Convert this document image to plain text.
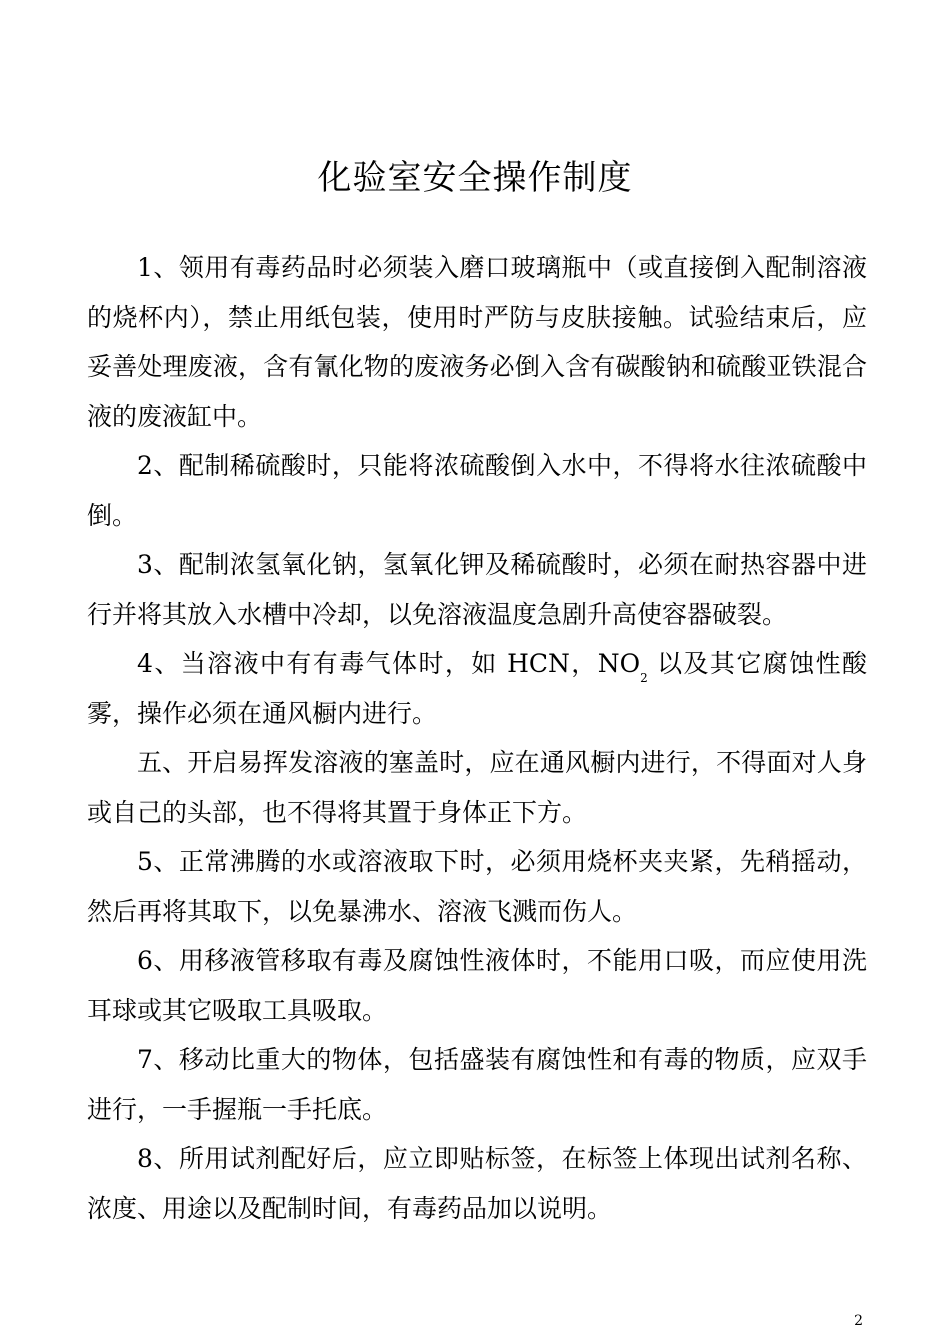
化验室安全操作制度

1、领用有毒药品时必须装入磨口玻璃瓶中（或直接倒入配制溶液的烧杯内），禁止用纸包装，使用时严防与皮肤接触。试验结束后，应妥善处理废液，含有氰化物的废液务必倒入含有碳酸钠和硫酸亚铁混合液的废液缸中。

2、配制稀硫酸时，只能将浓硫酸倒入水中，不得将水往浓硫酸中倒。

3、配制浓氢氧化钠，氢氧化钾及稀硫酸时，必须在耐热容器中进行并将其放入水槽中冷却，以免溶液温度急剧升高使容器破裂。

4、当溶液中有有毒气体时，如 HCN，$NO_2$ 以及其它腐蚀性酸雾，操作必须在通风橱内进行。

五、开启易挥发溶液的塞盖时，应在通风橱内进行，不得面对人身或自己的头部，也不得将其置于身体正下方。

5、正常沸腾的水或溶液取下时，必须用烧杯夹夹紧，先稍摇动，然后再将其取下，以免暴沸水、溶液飞溅而伤人。

6、用移液管移取有毒及腐蚀性液体时，不能用口吸，而应使用洗耳球或其它吸取工具吸取。

7、移动比重大的物体，包括盛装有腐蚀性和有毒的物质，应双手进行，一手握瓶一手托底。

8、所用试剂配好后，应立即贴标签，在标签上体现出试剂名称、浓度、用途以及配制时间，有毒药品加以说明。

2
